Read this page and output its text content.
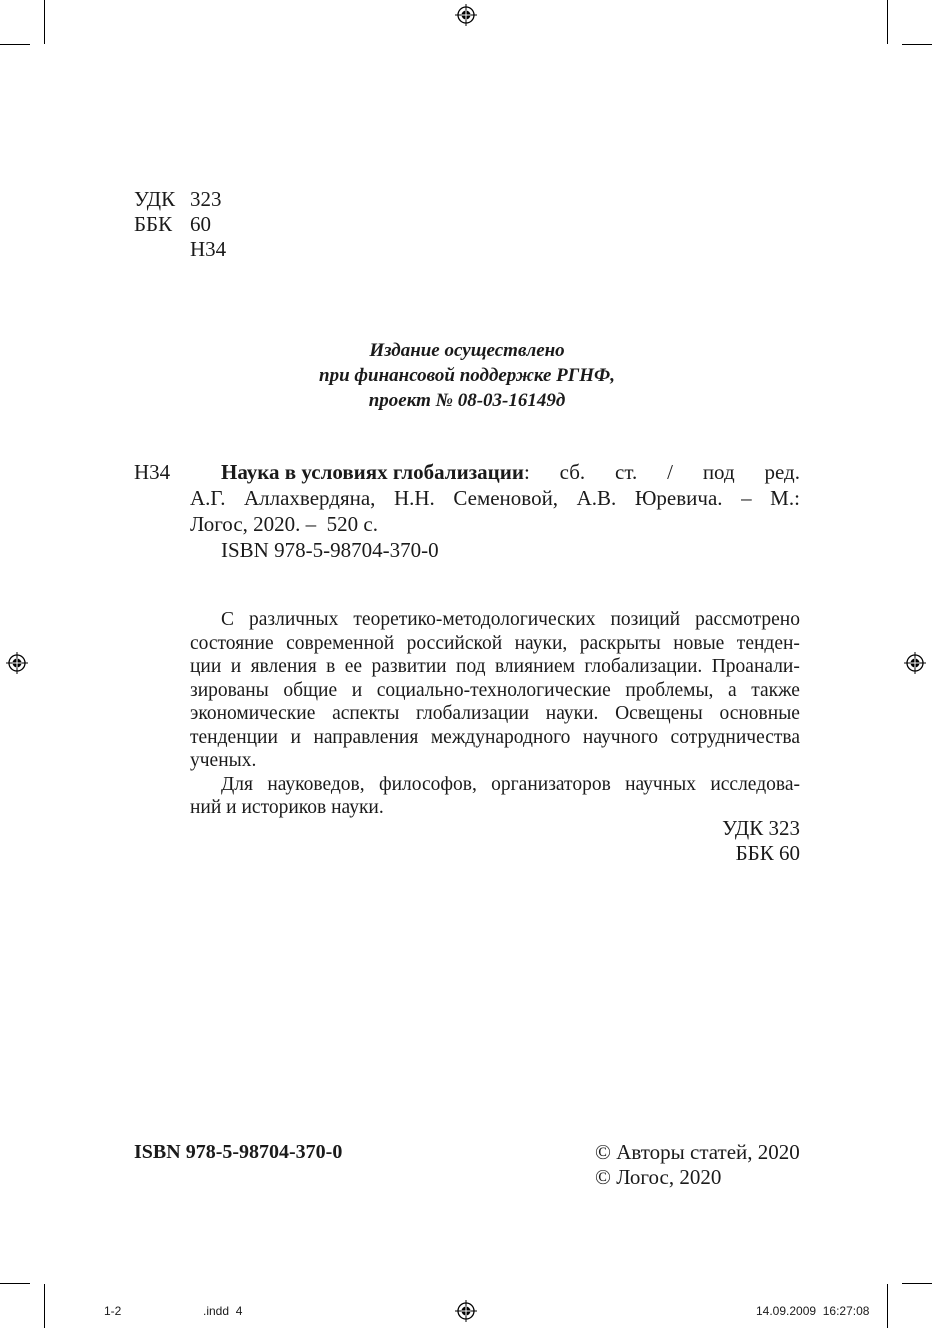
УДК 323
ББК 60
Н34
Издание осуществлено
при финансовой поддержке РГНФ,
проект № 08-03-16149д
Н34 Наука в условиях глобализации: сб. ст. / под ред.
А.Г. Аллахвердяна, Н.Н. Семеновой, А.В. Юревича. – М.:
Логос, 2020. –  520 с.
ISBN 978-5-98704-370-0
С различных теоретико-методологических позиций рассмотрено
состояние современной российской науки, раскрыты новые тенден-
ции и явления в ее развитии под влиянием глобализации. Проанали-
зированы общие и социально-технологические проблемы, а также
экономические аспекты глобализации науки. Освещены основные
тенденции и направления международного научного сотрудничества
ученых.
Для науковедов, философов, организаторов научных исследова-
ний и историков науки.
УДК 323
ББК 60
ISBN 978-5-98704-370-0	© Авторы статей, 2020
© Логос, 2020
1-2	.indd  4	14.09.2009  16:27:08
